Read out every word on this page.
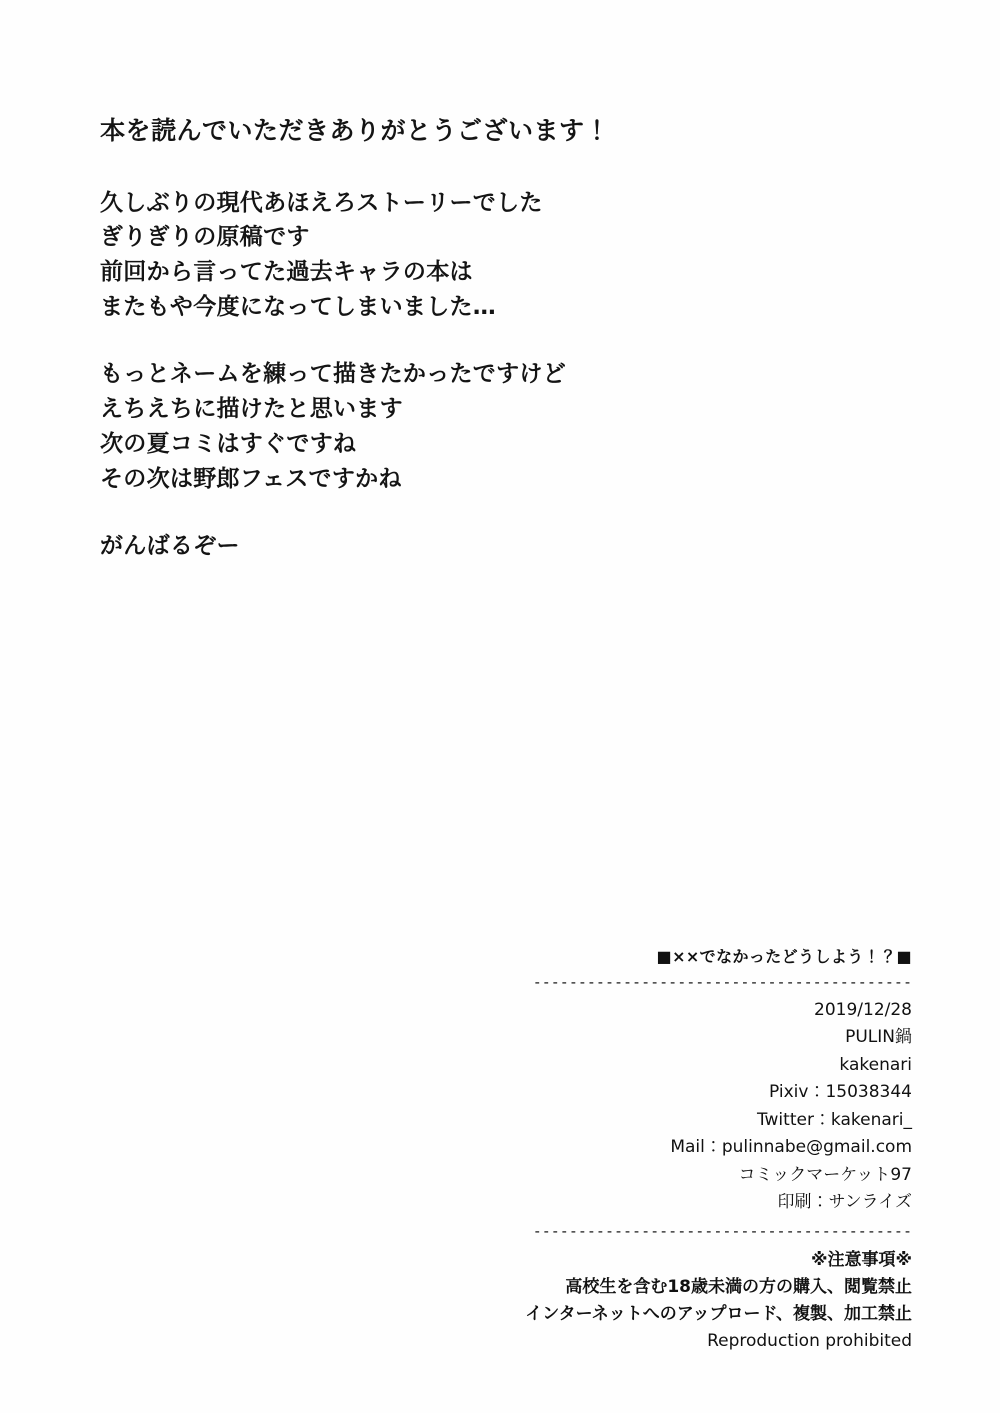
本を読んでいただきありがとうございます！
久しぶりの現代あほえろストーリーでした
ぎりぎりの原稿です
前回から言ってた過去キャラの本は
またもや今度になってしまいました…
もっとネームを練って描きたかったですけど
えちえちに描けたと思います
次の夏コミはすぐですね
その次は野郎フェスですかね
がんばるぞー
■××でなかったどうしよう！？■
------------------------------------------
2019/12/28
PULIN鍋
kakenari
Pixiv：15038344
Twitter：kakenari_
Mail：pulinnabe@gmail.com
コミックマーケット97
印刷：サンライズ
------------------------------------------
※注意事項※
高校生を含む18歳未満の方の購入、閲覧禁止
インターネットへのアップロード、複製、加工禁止
Reproduction prohibited
